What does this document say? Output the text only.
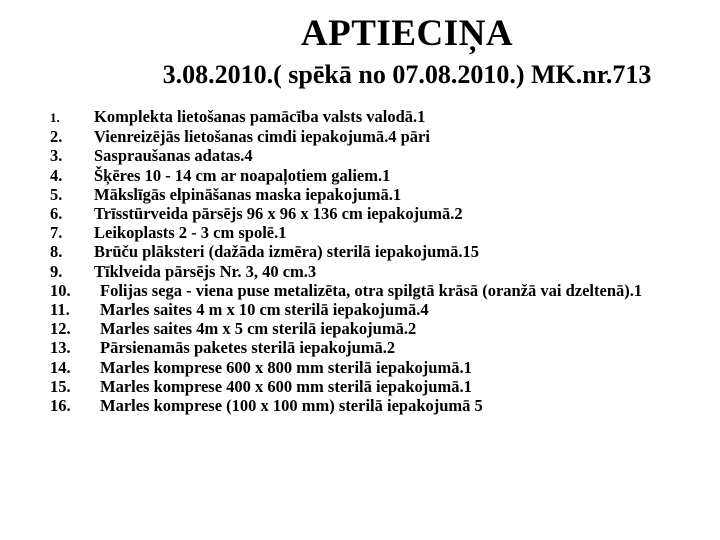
APTIECIŅA
3.08.2010.( spēkā no 07.08.2010.) MK.nr.713
1. Komplekta lietošanas pamācība valsts valodā.1
2. Vienreizējās lietošanas cimdi iepakojumā.4 pāri
3. Saspraušanas adatas.4
4. Šķēres 10 - 14 cm ar noapaļotiem galiem.1
5. Mākslīgās elpināšanas maska iepakojumā.1
6. Trīsstūrveida pārsējs 96 x 96 x 136 cm iepakojumā.2
7. Leikoplasts 2 - 3 cm spolē.1
8. Brūču plāksteri (dažāda izmēra) sterilā iepakojumā.15
9. Tīklveida pārsējs Nr. 3, 40 cm.3
10. Folijas sega - viena puse metalizēta, otra spilgtā krāsā (oranžā vai dzeltenā).1
11. Marles saites 4 m x 10 cm sterilā iepakojumā.4
12. Marles saites 4m x 5 cm sterilā iepakojumā.2
13. Pārsienamās paketes sterilā iepakojumā.2
14. Marles komprese 600 x 800 mm sterilā iepakojumā.1
15. Marles komprese 400 x 600 mm sterilā iepakojumā.1
16. Marles komprese (100 x 100 mm) sterilā iepakojumā 5
